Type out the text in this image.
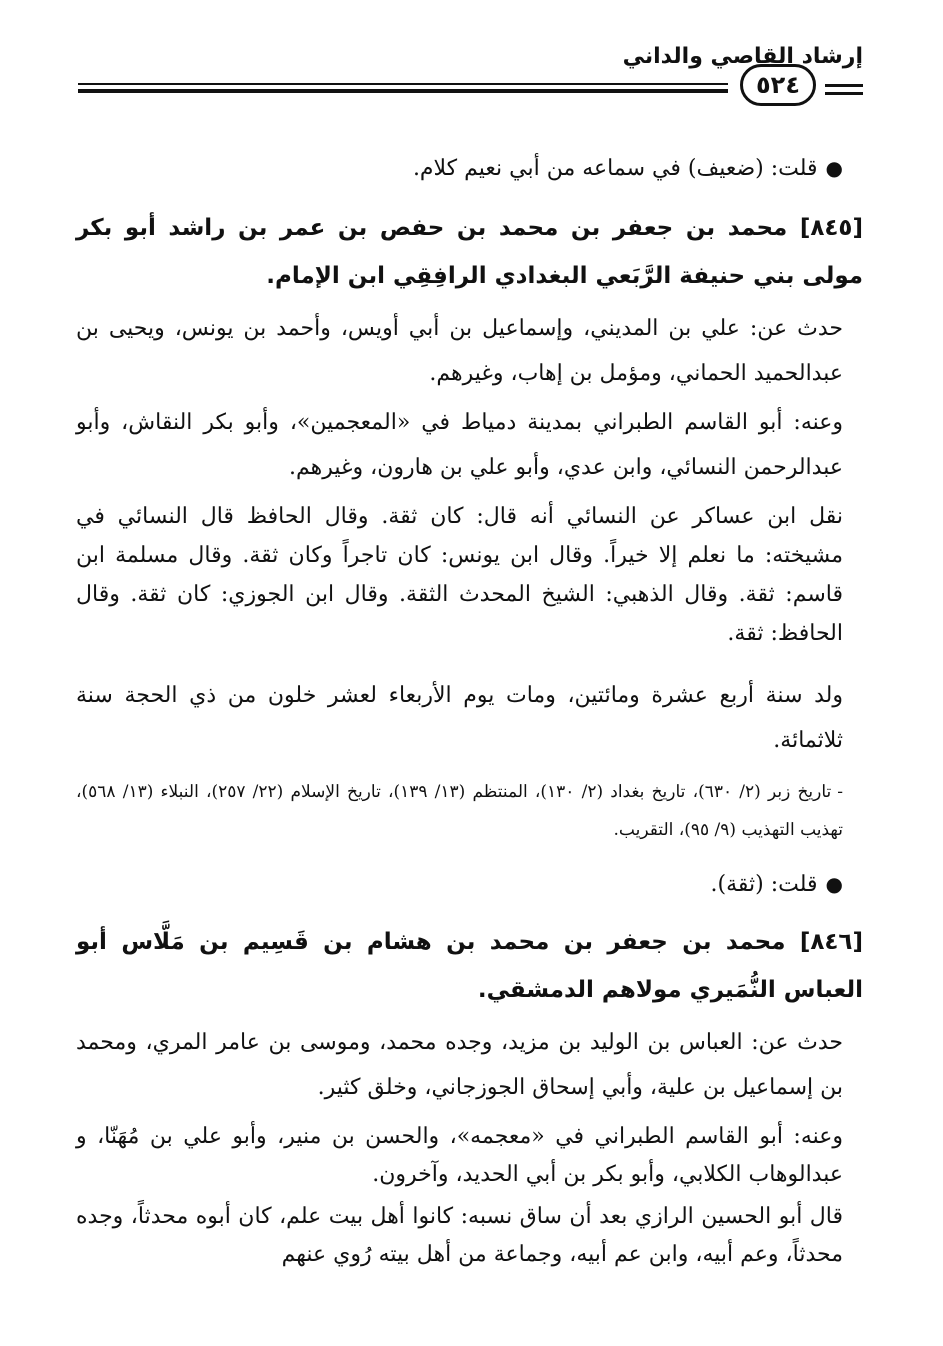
إرشاد القاصي والداني
٥٢٤
●قلت: (ضعيف) في سماعه من أبي نعيم كلام.
[٨٤٥] محمد بن جعفر بن محمد بن حفص بن عمر بن راشد أبو بكر مولى بني حنيفة الرَّبَعي البغدادي الرافِقِي ابن الإمام.
حدث عن: علي بن المديني، وإسماعيل بن أبي أويس، وأحمد بن يونس، ويحيى بن عبدالحميد الحماني، ومؤمل بن إهاب، وغيرهم.
وعنه: أبو القاسم الطبراني بمدينة دمياط في «المعجمين»، وأبو بكر النقاش، وأبو عبدالرحمن النسائي، وابن عدي، وأبو علي بن هارون، وغيرهم.
نقل ابن عساكر عن النسائي أنه قال: كان ثقة. وقال الحافظ قال النسائي في مشيخته: ما نعلم إلا خيراً. وقال ابن يونس: كان تاجراً وكان ثقة. وقال مسلمة ابن قاسم: ثقة. وقال الذهبي: الشيخ المحدث الثقة. وقال ابن الجوزي: كان ثقة. وقال الحافظ: ثقة.
ولد سنة أربع عشرة ومائتين، ومات يوم الأربعاء لعشر خلون من ذي الحجة سنة ثلاثمائة.
-تاريخ زبر (٢/ ٦٣٠)، تاريخ بغداد (٢/ ١٣٠)، المنتظم (١٣/ ١٣٩)، تاريخ الإسلام (٢٢/ ٢٥٧)، النبلاء (١٣/ ٥٦٨)، تهذيب التهذيب (٩/ ٩٥)، التقريب.
●قلت: (ثقة).
[٨٤٦] محمد بن جعفر بن محمد بن هشام بن قَسِيم بن مَلَّاس أبو العباس النُّمَيري مولاهم الدمشقي.
حدث عن: العباس بن الوليد بن مزيد، وجده محمد، وموسى بن عامر المري، ومحمد بن إسماعيل بن علية، وأبي إسحاق الجوزجاني، وخلق كثير.
وعنه: أبو القاسم الطبراني في «معجمه»، والحسن بن منير، وأبو علي بن مُهَنّا، و عبدالوهاب الكلابي، وأبو بكر بن أبي الحديد، وآخرون.
قال أبو الحسين الرازي بعد أن ساق نسبه: كانوا أهل بيت علم، كان أبوه محدثاً، وجده محدثاً، وعم أبيه، وابن عم أبيه، وجماعة من أهل بيته رُوي عنهم
